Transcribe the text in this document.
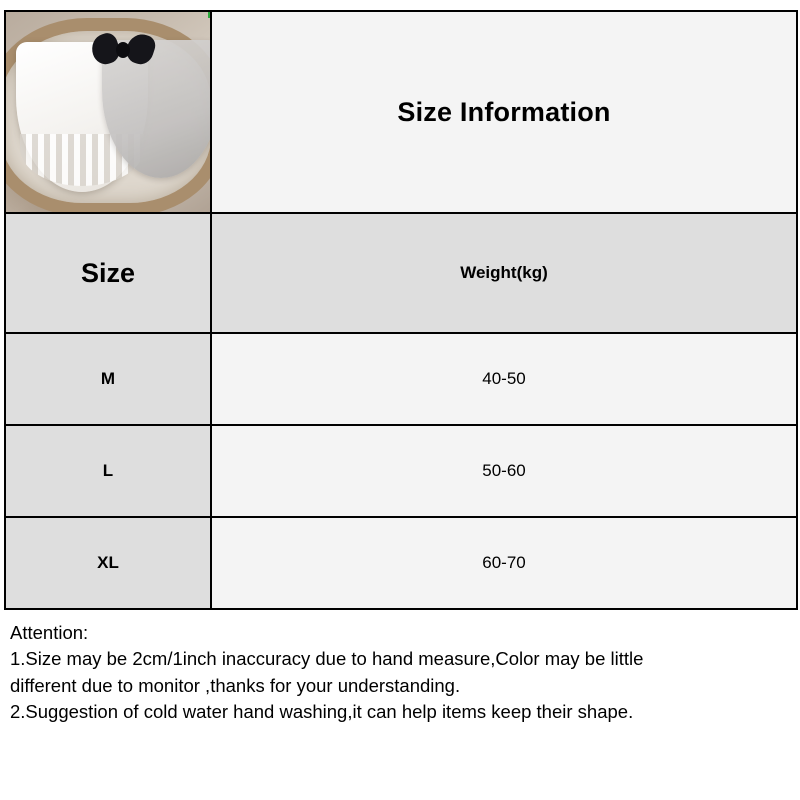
	Size Information
Size	Weight(kg)
M	40-50
L	50-60
XL	60-70
Attention:
1.Size may be 2cm/1inch inaccuracy due to hand measure,Color may be little
different due to monitor ,thanks for your understanding.
2.Suggestion of cold water hand washing,it can help items keep their shape.
